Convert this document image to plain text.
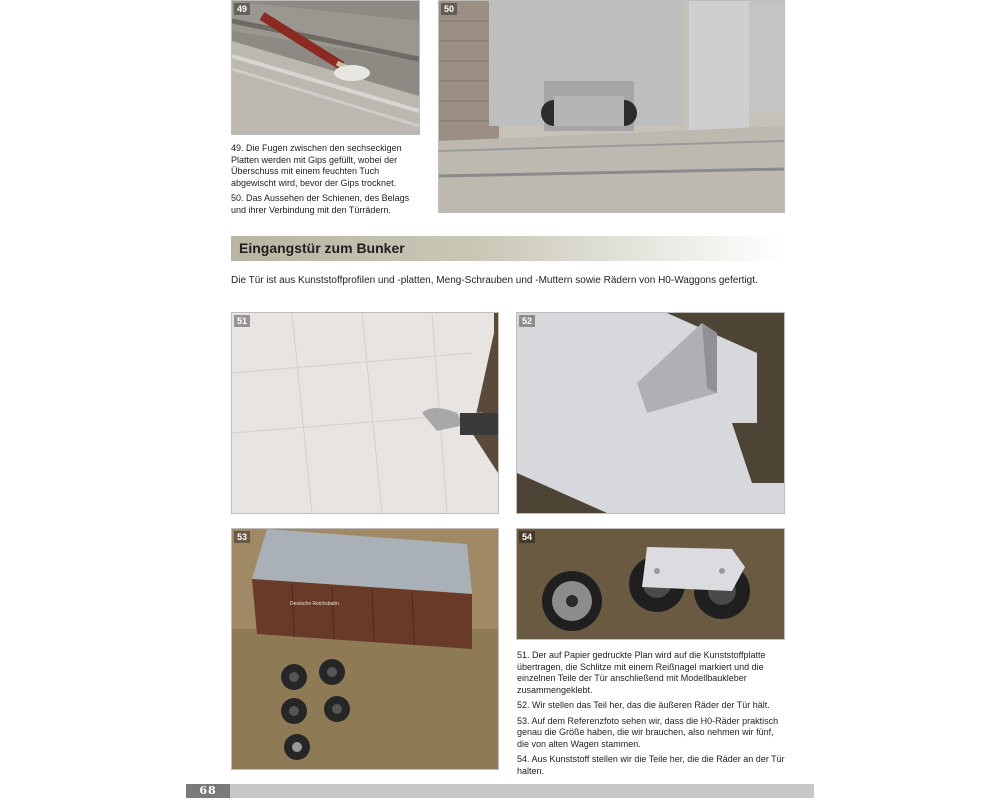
49	50

49. Die Fugen zwischen den sechseckigen Platten werden mit Gips gefüllt, wobei der Überschuss mit einem feuchten Tuch abgewischt wird, bevor der Gips trocknet.

50. Das Aussehen der Schienen, des Belags und ihrer Verbindung mit den Türrädern.

Eingangstür zum Bunker
Die Tür ist aus Kunststoffprofilen und -platten, Meng-Schrauben und -Muttern sowie Rädern von H0-Waggons gefertigt.
51	52
Deutsche Reichsbahn
53	54

51. Der auf Papier gedruckte Plan wird auf die Kunststoffplatte übertragen, die Schlitze mit einem Reißnagel markiert und die einzelnen Teile der Tür anschließend mit Modellbaukleber zusammengeklebt.

52. Wir stellen das Teil her, das die äußeren Räder der Tür hält.

53. Auf dem Referenzfoto sehen wir, dass die H0-Räder praktisch genau die Größe haben, die wir brauchen, also nehmen wir fünf, die von alten Wagen stammen.

54. Aus Kunststoff stellen wir die Teile her, die die Räder an der Tür halten.

68
